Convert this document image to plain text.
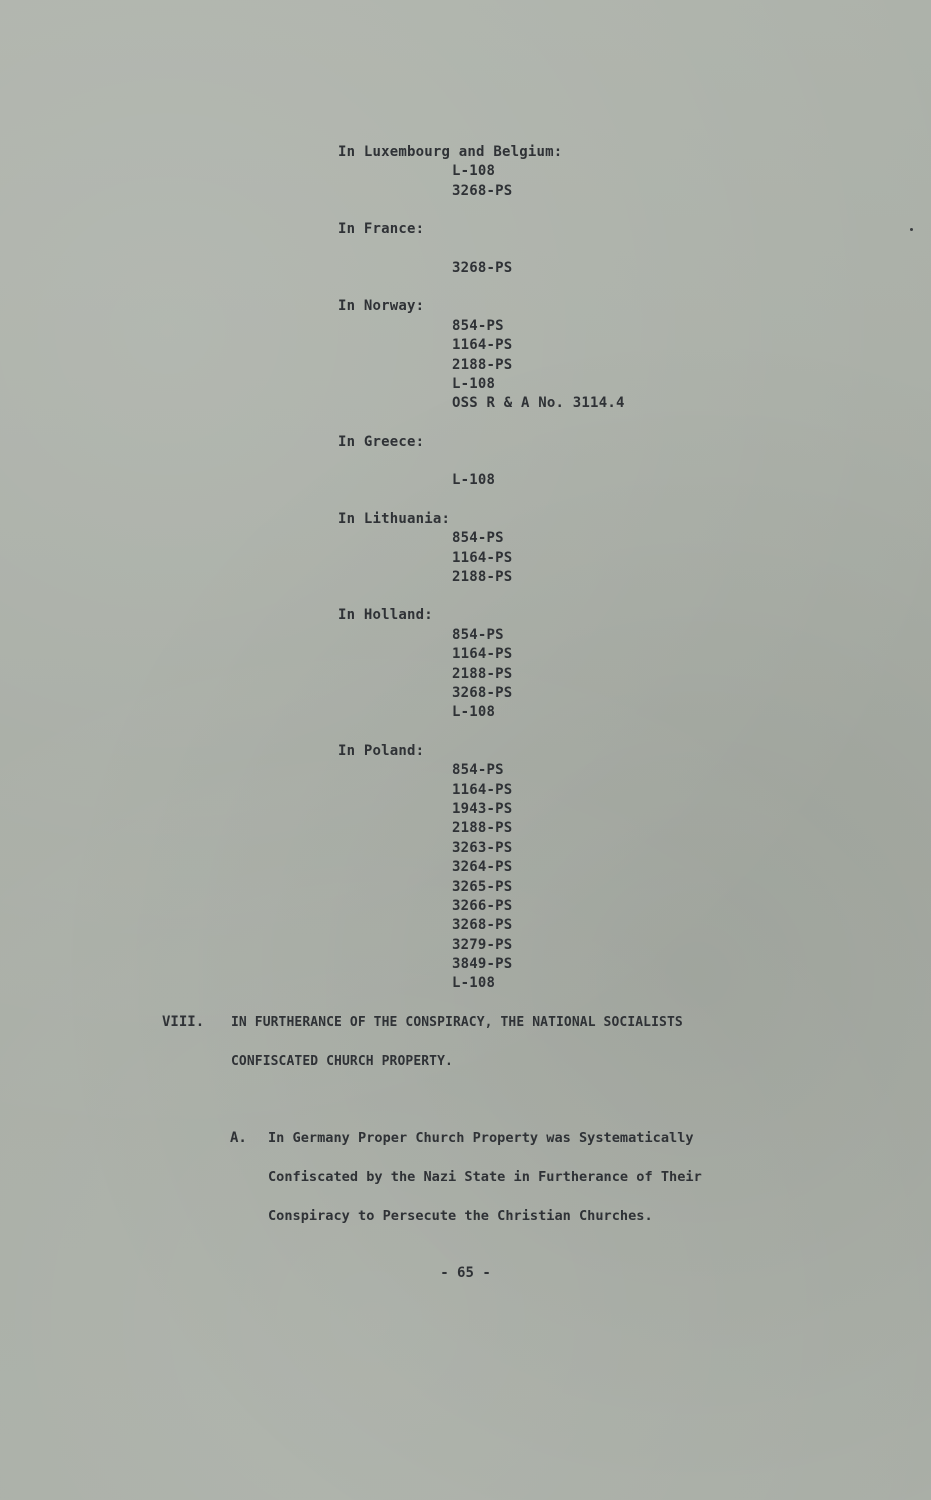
In Luxembourg and Belgium:
L-108
3268-PS
In France:
3268-PS
In Norway:
854-PS
1164-PS
2188-PS
L-108
OSS R & A No. 3114.4
In Greece:
L-108
In Lithuania:
854-PS
1164-PS
2188-PS
In Holland:
854-PS
1164-PS
2188-PS
3268-PS
L-108
In Poland:
854-PS
1164-PS
1943-PS
2188-PS
3263-PS
3264-PS
3265-PS
3266-PS
3268-PS
3279-PS
3849-PS
L-108
VIII. IN FURTHERANCE OF THE CONSPIRACY, THE NATIONAL SOCIALISTS
CONFISCATED CHURCH PROPERTY.
A. In Germany Proper Church Property was Systematically
Confiscated by the Nazi State in Furtherance of Their
Conspiracy to Persecute the Christian Churches.
- 65 -
